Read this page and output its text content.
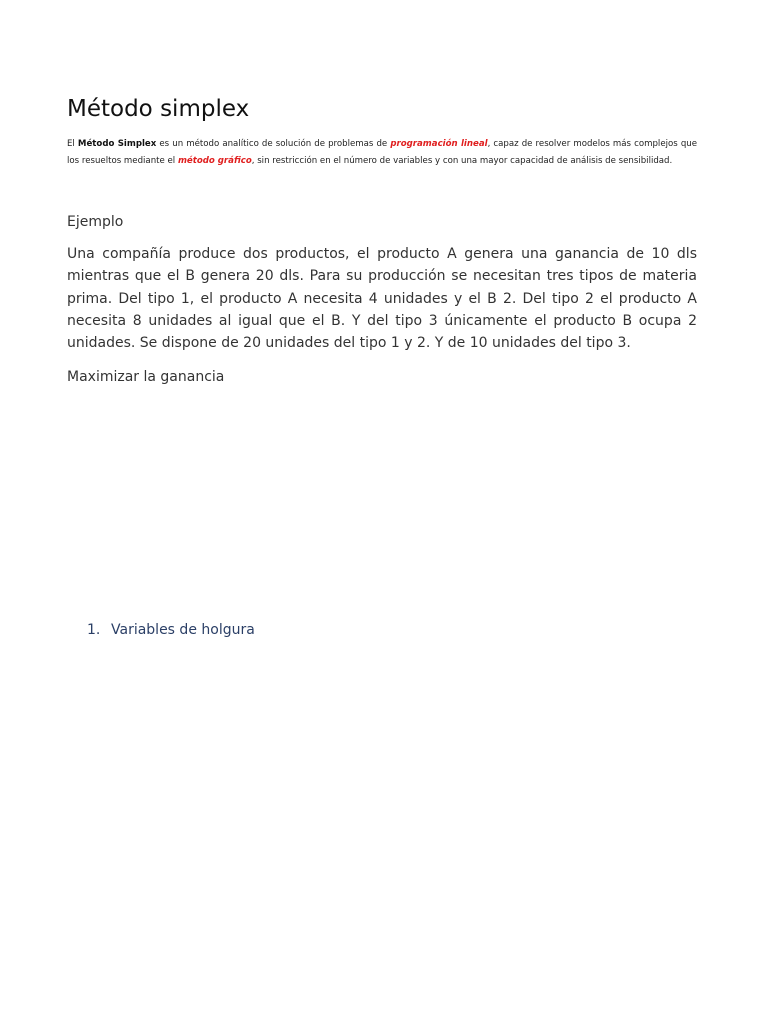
Método simplex

El Método Simplex es un método analítico de solución de problemas de programación lineal, capaz de resolver modelos más complejos que los resueltos mediante el método gráfico, sin restricción en el número de variables y con una mayor capacidad de análisis de sensibilidad.

Ejemplo

Una compañía produce dos productos, el producto A genera una ganancia de 10 dls mientras que el B genera 20 dls. Para su producción se necesitan tres tipos de materia prima. Del tipo 1, el producto A necesita 4 unidades y el B 2. Del tipo 2 el producto A necesita 8 unidades al igual que el B. Y del tipo 3 únicamente el producto B ocupa 2 unidades. Se dispone de 20 unidades del tipo 1 y 2. Y de 10 unidades del tipo 3.

Maximizar la ganancia

1. Variables de holgura
